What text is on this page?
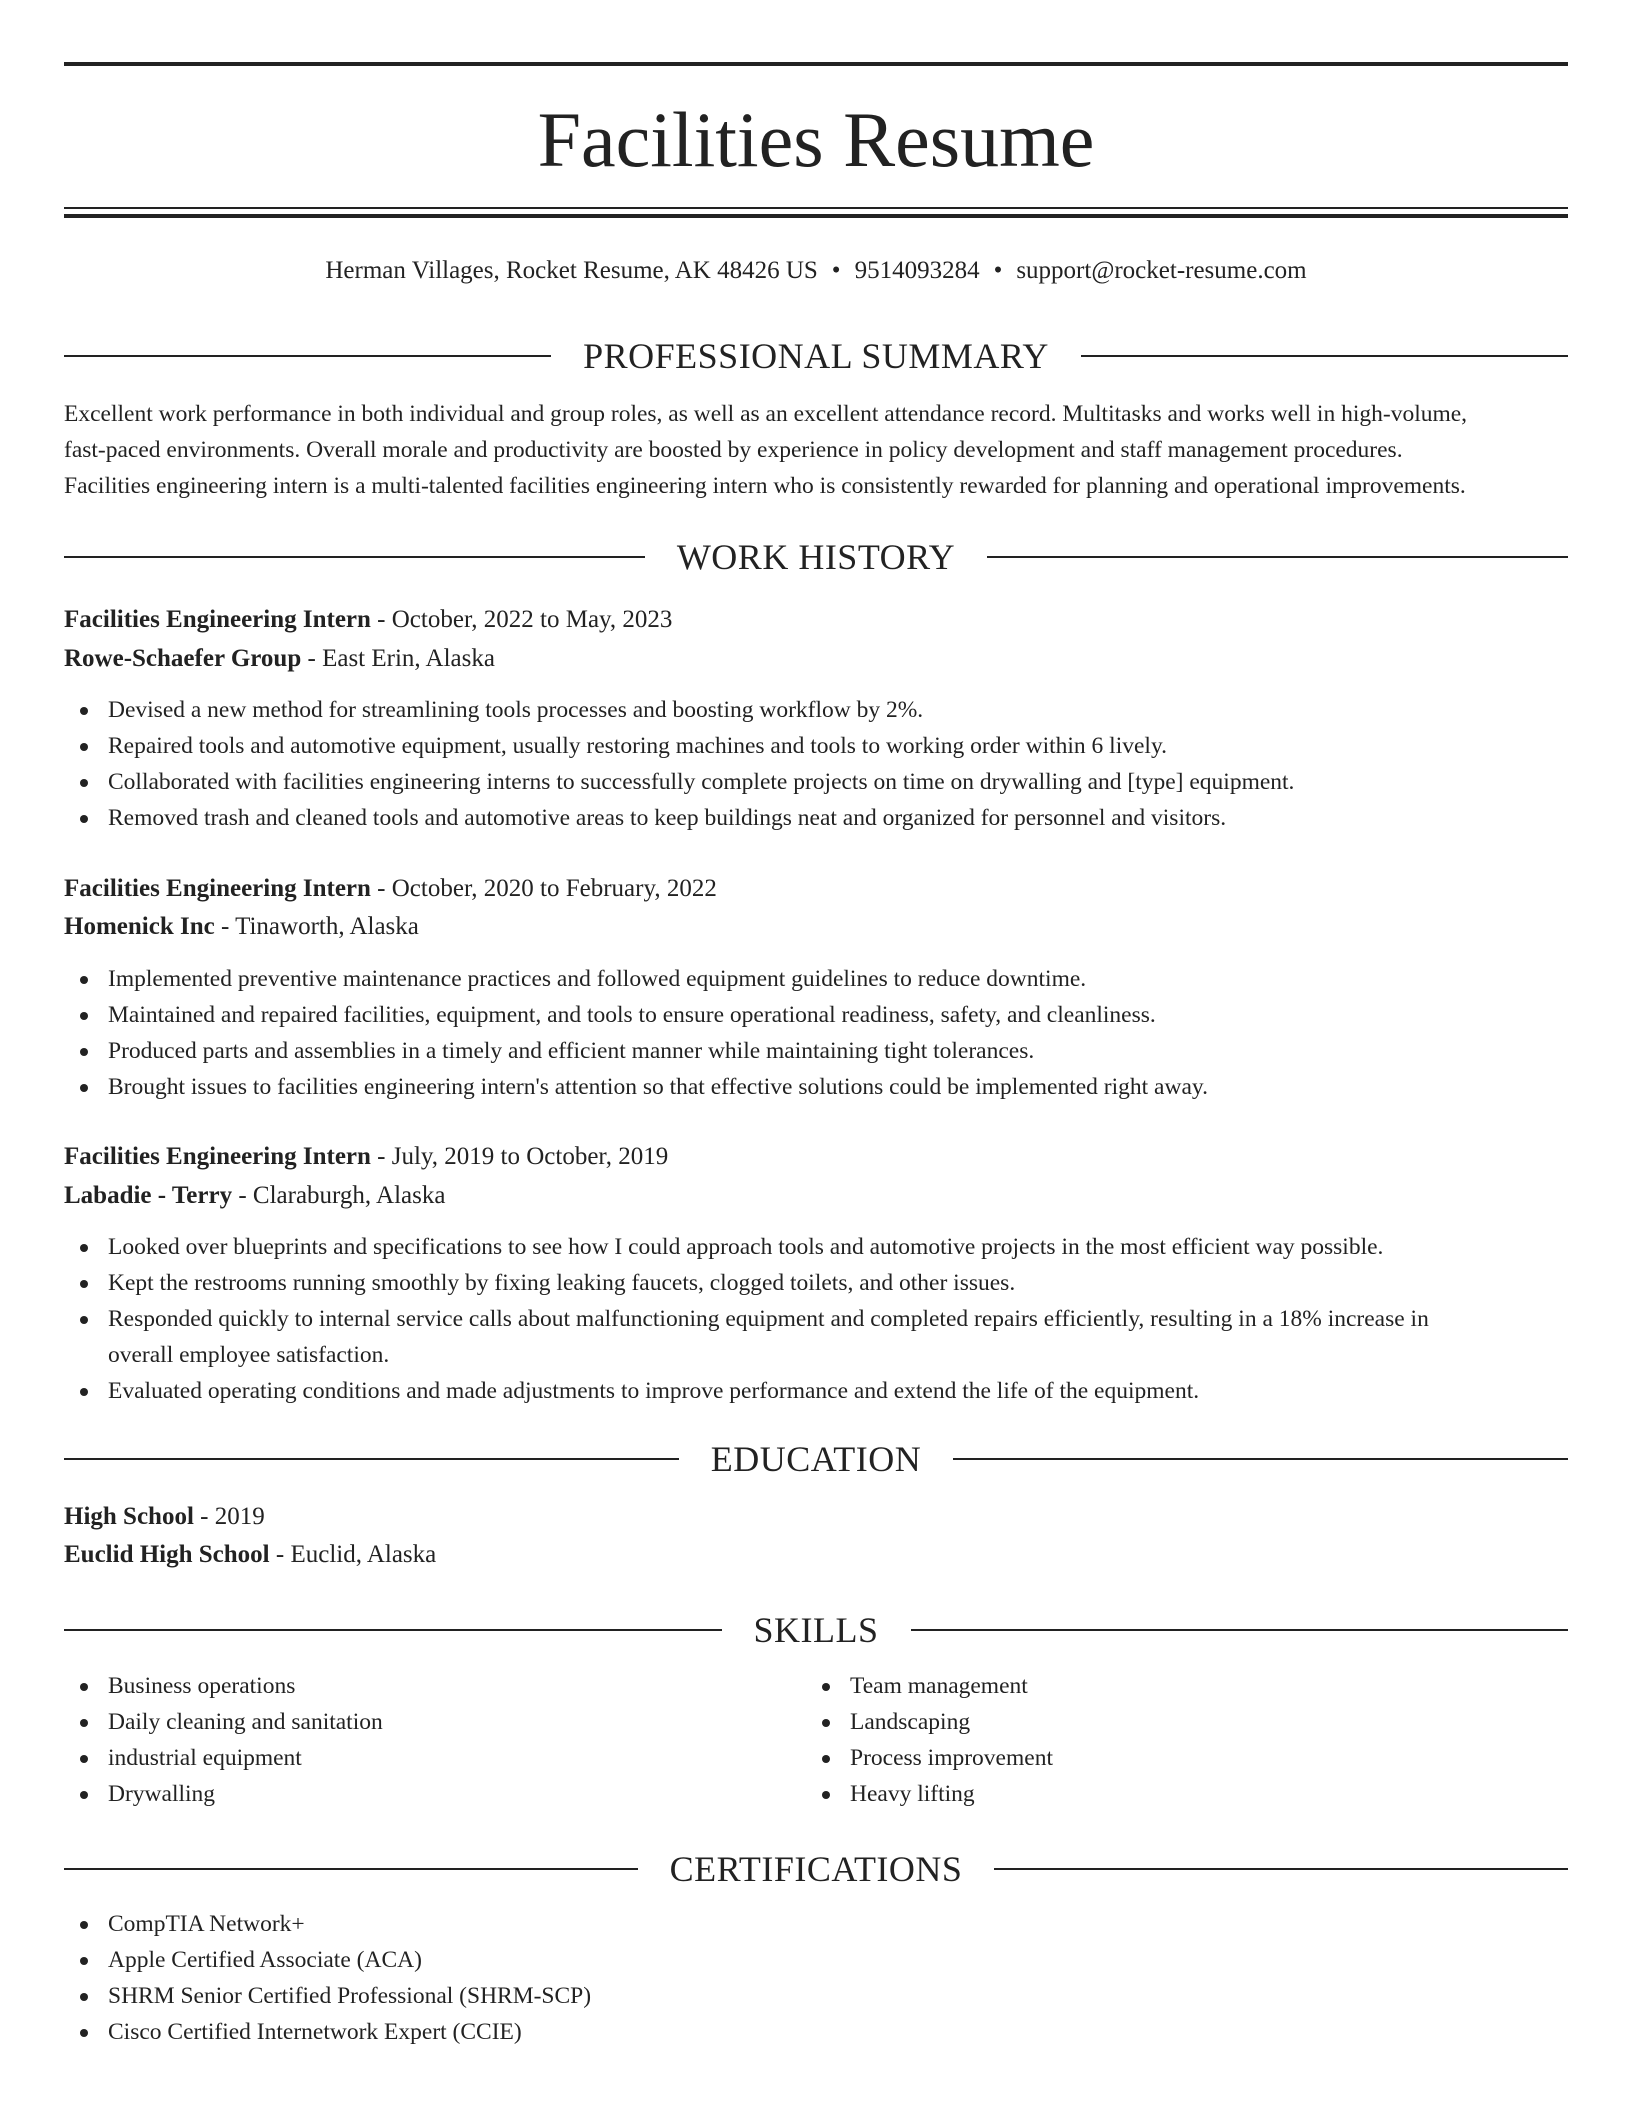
Facilities Resume
Herman Villages, Rocket Resume, AK 48426 US • 9514093284 • support@rocket-resume.com
PROFESSIONAL SUMMARY
Excellent work performance in both individual and group roles, as well as an excellent attendance record. Multitasks and works well in high-volume,
fast-paced environments. Overall morale and productivity are boosted by experience in policy development and staff management procedures.
Facilities engineering intern is a multi-talented facilities engineering intern who is consistently rewarded for planning and operational improvements.
WORK HISTORY
Facilities Engineering Intern - October, 2022 to May, 2023
Rowe-Schaefer Group - East Erin, Alaska
Devised a new method for streamlining tools processes and boosting workflow by 2%.
Repaired tools and automotive equipment, usually restoring machines and tools to working order within 6 lively.
Collaborated with facilities engineering interns to successfully complete projects on time on drywalling and [type] equipment.
Removed trash and cleaned tools and automotive areas to keep buildings neat and organized for personnel and visitors.
Facilities Engineering Intern - October, 2020 to February, 2022
Homenick Inc - Tinaworth, Alaska
Implemented preventive maintenance practices and followed equipment guidelines to reduce downtime.
Maintained and repaired facilities, equipment, and tools to ensure operational readiness, safety, and cleanliness.
Produced parts and assemblies in a timely and efficient manner while maintaining tight tolerances.
Brought issues to facilities engineering intern's attention so that effective solutions could be implemented right away.
Facilities Engineering Intern - July, 2019 to October, 2019
Labadie - Terry - Claraburgh, Alaska
Looked over blueprints and specifications to see how I could approach tools and automotive projects in the most efficient way possible.
Kept the restrooms running smoothly by fixing leaking faucets, clogged toilets, and other issues.
Responded quickly to internal service calls about malfunctioning equipment and completed repairs efficiently, resulting in a 18% increase in
overall employee satisfaction.
Evaluated operating conditions and made adjustments to improve performance and extend the life of the equipment.
EDUCATION
High School - 2019
Euclid High School - Euclid, Alaska
SKILLS
Business operations
Daily cleaning and sanitation
industrial equipment
Drywalling
Team management
Landscaping
Process improvement
Heavy lifting
CERTIFICATIONS
CompTIA Network+
Apple Certified Associate (ACA)
SHRM Senior Certified Professional (SHRM-SCP)
Cisco Certified Internetwork Expert (CCIE)
